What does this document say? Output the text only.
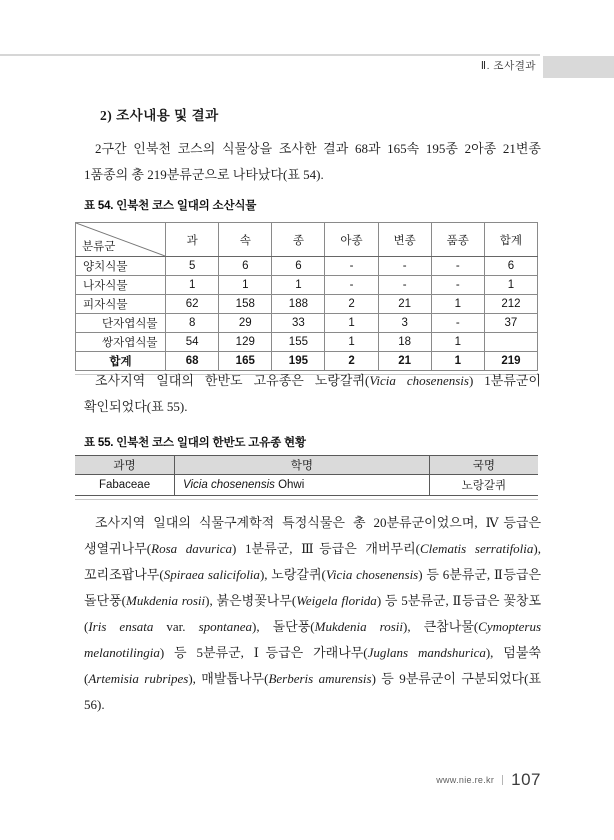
Ⅱ. 조사결과
2) 조사내용 및 결과

2구간 인북천 코스의 식물상을 조사한 결과 68과 165속 195종 2아종 21변종 1품종의 총 219분류군으로 나타났다(표 54).

표 54. 인북천 코스 일대의 소산식물
분류군	과	속	종	아종	변종	품종	합계
양치식물	5	6	6	-	-	-	6
나자식물	1	1	1	-	-	-	1
피자식물	62	158	188	2	21	1	212
단자엽식물	8	29	33	1	3	-	37
쌍자엽식물	54	129	155	1	18	1	
합계	68	165	195	2	21	1	219

조사지역 일대의 한반도 고유종은 노랑갈퀴(Vicia chosenensis) 1분류군이 확인되었다(표 55).

표 55. 인북천 코스 일대의 한반도 고유종 현황
과명	학명	국명
Fabaceae	Vicia chosenensis Ohwi	노랑갈퀴

조사지역 일대의 식물구계학적 특정식물은 총 20분류군이었으며, Ⅳ등급은 생열귀나무(Rosa davurica) 1분류군, Ⅲ등급은 개버무리(Clematis serratifolia), 꼬리조팝나무(Spiraea salicifolia), 노랑갈퀴(Vicia chosenensis) 등 6분류군, Ⅱ등급은 돌단풍(Mukdenia rosii), 붉은병꽃나무(Weigela florida) 등 5분류군, Ⅱ등급은 꽃창포(Iris ensata var. spontanea), 돌단풍(Mukdenia rosii), 큰참나물(Cymopterus melanotilingia) 등 5분류군, Ⅰ등급은 가래나무(Juglans mandshurica), 덤불쑥(Artemisia rubripes), 매발톱나무(Berberis amurensis) 등 9분류군이 구분되었다(표 56).

www.nie.re.kr 107
